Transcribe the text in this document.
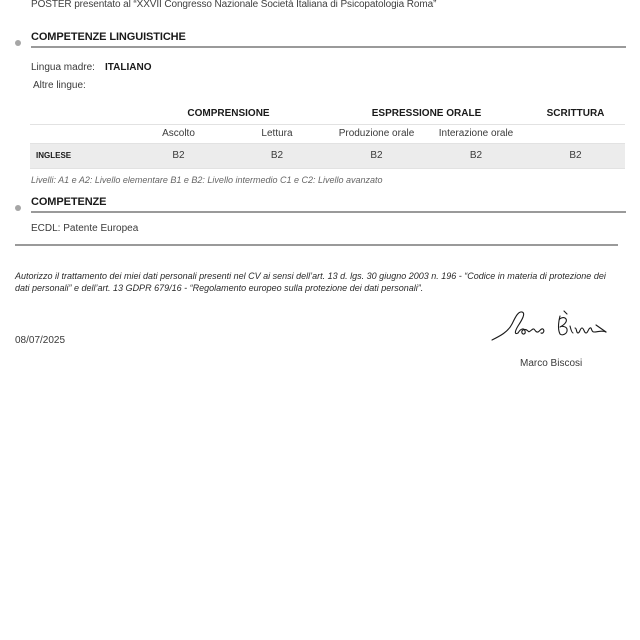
POSTER presentato al “XXVII Congresso Nazionale Società Italiana di Psicopatologia Roma”
COMPETENZE LINGUISTICHE
Lingua madre: ITALIANO
Altre lingue:
	COMPRENSIONE		ESPRESSIONE ORALE		SCRITTURA
	Ascolto	Lettura	Produzione orale	Interazione orale	
INGLESE	B2	B2	B2	B2	B2
Livelli: A1 e A2: Livello elementare B1 e B2: Livello intermedio C1 e C2: Livello avanzato
COMPETENZE
ECDL: Patente Europea
Autorizzo il trattamento dei miei dati personali presenti nel CV ai sensi dell’art. 13 d. lgs. 30 giugno 2003 n. 196 - “Codice in materia di protezione dei dati personali” e dell’art. 13 GDPR 679/16 - “Regolamento europeo sulla protezione dei dati personali”.
08/07/2025
Marco Biscosi
